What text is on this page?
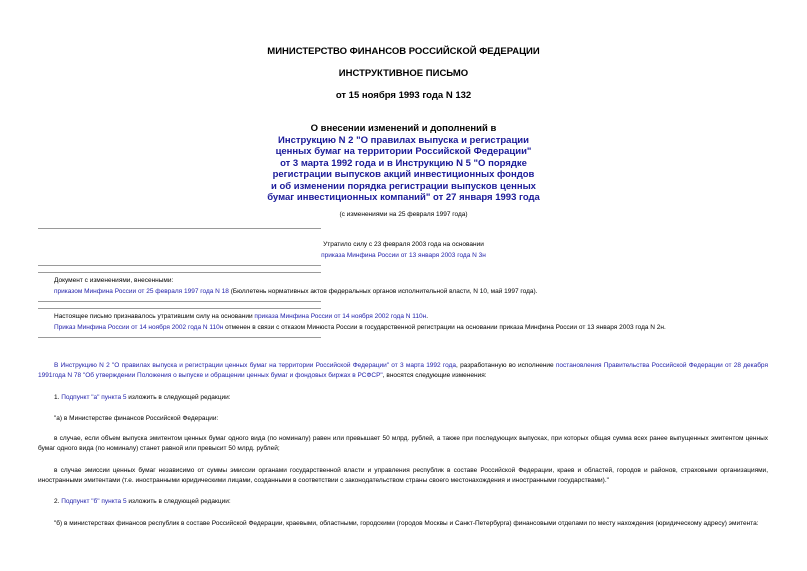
МИНИСТЕРСТВО ФИНАНСОВ РОССИЙСКОЙ ФЕДЕРАЦИИ
ИНСТРУКТИВНОЕ ПИСЬМО
от 15 ноября 1993 года N 132
О внесении изменений и дополнений в
Инструкцию N 2 "О правилах выпуска и регистрации
ценных бумаг на территории Российской Федерации"
от 3 марта 1992 года и в Инструкцию N 5 "О порядке
регистрации выпусков акций инвестиционных фондов
и об изменении порядка регистрации выпусков ценных
бумаг инвестиционных компаний" от 27 января 1993 года
(с изменениями на 25 февраля 1997 года)
Утратило силу с 23 февраля 2003 года на основании
приказа Минфина России от 13 января 2003 года N 3н
Документ с изменениями, внесенными:
приказом Минфина России от 25 февраля 1997 года N 18 (Бюллетень нормативных актов федеральных органов исполнительной власти, N 10, май 1997 года).
Настоящее письмо признавалось утратившим силу на основании приказа Минфина России от 14 ноября 2002 года N 110н.
Приказ Минфина России от 14 ноября 2002 года N 110н отменен в связи с отказом Минюста России в государственной регистрации на основании приказа Минфина России от 13 января 2003 года N 2н.
В Инструкцию N 2 "О правилах выпуска и регистрации ценных бумаг на территории Российской Федерации" от 3 марта 1992 года, разработанную во исполнение постановления Правительства Российской Федерации от 28 декабря 1991года N 78 "Об утверждении Положения о выпуске и обращении ценных бумаг и фондовых биржах в РСФСР", вносятся следующие изменения:
1. Подпункт "а" пункта 5 изложить в следующей редакции:
"а) в Министерстве финансов Российской Федерации:
в случае, если объем выпуска эмитентом ценных бумаг одного вида (по номиналу) равен или превышает 50 млрд. рублей, а также при последующих выпусках, при которых общая сумма всех ранее выпущенных эмитентом ценных бумаг одного вида (по номиналу) станет равной или превысит 50 млрд. рублей;
в случае эмиссии ценных бумаг независимо от суммы эмиссии органами государственной власти и управления республик в составе Российской Федерации, краев и областей, городов и районов, страховыми организациями, иностранными эмитентами (т.е. иностранными юридическими лицами, созданными в соответствии с законодательством страны своего местонахождения и иностранными государствами)."
2. Подпункт "б" пункта 5 изложить в следующей редакции:
"б) в министерствах финансов республик в составе Российской Федерации, краевыми, областными, городскими (городов Москвы и Санкт-Петербурга) финансовыми отделами по месту нахождения (юридическому адресу) эмитента:
